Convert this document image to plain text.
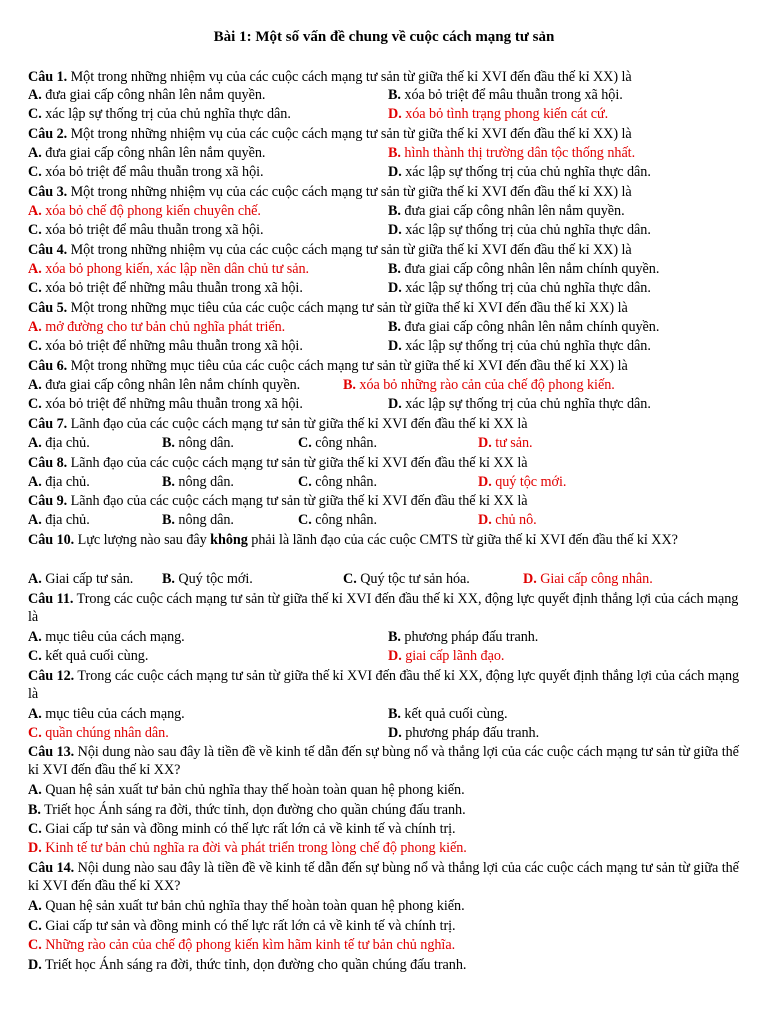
Bài 1: Một số vấn đề chung về cuộc cách mạng tư sản
Câu 1. Một trong những nhiệm vụ của các cuộc cách mạng tư sản từ giữa thế kỉ XVI đến đầu thế kỉ XX) là
A. đưa giai cấp công nhân lên nắm quyền.	B. xóa bỏ triệt để mâu thuẫn trong xã hội.
C. xác lập sự thống trị của chủ nghĩa thực dân.	D. xóa bỏ tình trạng phong kiến cát cứ.
Câu 2. Một trong những nhiệm vụ của các cuộc cách mạng tư sản từ giữa thế kỉ XVI đến đầu thế kỉ XX) là
A. đưa giai cấp công nhân lên nắm quyền.	B. hình thành thị trường dân tộc thống nhất.
C. xóa bỏ triệt để mâu thuẫn trong xã hội.	D. xác lập sự thống trị của chủ nghĩa thực dân.
Câu 3. Một trong những nhiệm vụ của các cuộc cách mạng tư sản từ giữa thế kỉ XVI đến đầu thế kỉ XX) là
A. xóa bỏ chế độ phong kiến chuyên chế.	B. đưa giai cấp công nhân lên nắm quyền.
C. xóa bỏ triệt để mâu thuẫn trong xã hội.	D. xác lập sự thống trị của chủ nghĩa thực dân.
Câu 4. Một trong những nhiệm vụ của các cuộc cách mạng tư sản từ giữa thế kỉ XVI đến đầu thế kỉ XX) là
A. xóa bỏ phong kiến, xác lập nền dân chủ tư sản.	B. đưa giai cấp công nhân lên nắm chính quyền.
C. xóa bỏ triệt để những mâu thuẫn trong xã hội.	D. xác lập sự thống trị của chủ nghĩa thực dân.
Câu 5. Một trong những mục tiêu của các cuộc cách mạng tư sản từ giữa thế kỉ XVI đến đầu thế kỉ XX) là
A. mở đường cho tư bản chủ nghĩa phát triển.	B. đưa giai cấp công nhân lên nắm chính quyền.
C. xóa bỏ triệt để những mâu thuẫn trong xã hội.	D. xác lập sự thống trị của chủ nghĩa thực dân.
Câu 6. Một trong những mục tiêu của các cuộc cách mạng tư sản từ giữa thế kỉ XVI đến đầu thế kỉ XX) là
A. đưa giai cấp công nhân lên nắm chính quyền.	B. xóa bỏ những rào cản của chế độ phong kiến.
C. xóa bỏ triệt để những mâu thuẫn trong xã hội.	D. xác lập sự thống trị của chủ nghĩa thực dân.
Câu 7. Lãnh đạo của các cuộc cách mạng tư sản từ giữa thế kỉ XVI đến đầu thế kỉ XX là
A. địa chủ.	B. nông dân.	C. công nhân.	D. tư sản.
Câu 8. Lãnh đạo của các cuộc cách mạng tư sản từ giữa thế kỉ XVI đến đầu thế kỉ XX là
A. địa chủ.	B. nông dân.	C. công nhân.	D. quý tộc mới.
Câu 9. Lãnh đạo của các cuộc cách mạng tư sản từ giữa thế kỉ XVI đến đầu thế kỉ XX là
A. địa chủ.	B. nông dân.	C. công nhân.	D. chủ nô.
Câu 10. Lực lượng nào sau đây không phải là lãnh đạo của các cuộc CMTS từ giữa thế kỉ XVI đến đầu thế kỉ XX?
A. Giai cấp tư sản. B. Quý tộc mới.	C. Quý tộc tư sản hóa.	D. Giai cấp công nhân.
Câu 11. Trong các cuộc cách mạng tư sản từ giữa thế kỉ XVI đến đầu thế kỉ XX, động lực quyết định thắng lợi của cách mạng là
A. mục tiêu của cách mạng.	B. phương pháp đấu tranh.
C. kết quả cuối cùng.	D. giai cấp lãnh đạo.
Câu 12. Trong các cuộc cách mạng tư sản từ giữa thế kỉ XVI đến đầu thế kỉ XX, động lực quyết định thắng lợi của cách mạng là
A. mục tiêu của cách mạng.	B. kết quả cuối cùng.
C. quần chúng nhân dân.	D. phương pháp đấu tranh.
Câu 13. Nội dung nào sau đây là tiền đề về kinh tế dẫn đến sự bùng nổ và thắng lợi của các cuộc cách mạng tư sản từ giữa thế kỉ XVI đến đầu thế kỉ XX?
A. Quan hệ sản xuất tư bản chủ nghĩa thay thế hoàn toàn quan hệ phong kiến.
B. Triết học Ánh sáng ra đời, thức tỉnh, dọn đường cho quần chúng đấu tranh.
C. Giai cấp tư sản và đồng minh có thế lực rất lớn cả về kinh tế và chính trị.
D. Kinh tế tư bản chủ nghĩa ra đời và phát triển trong lòng chế độ phong kiến.
Câu 14. Nội dung nào sau đây là tiền đề về kinh tế dẫn đến sự bùng nổ và thắng lợi của các cuộc cách mạng tư sản từ giữa thế kỉ XVI đến đầu thế kỉ XX?
A. Quan hệ sản xuất tư bản chủ nghĩa thay thế hoàn toàn quan hệ phong kiến.
C. Giai cấp tư sản và đồng minh có thế lực rất lớn cả về kinh tế và chính trị.
C. Những rào cản của chế độ phong kiến kìm hãm kinh tế tư bản chủ nghĩa.
D. Triết học Ánh sáng ra đời, thức tỉnh, dọn đường cho quần chúng đấu tranh.
